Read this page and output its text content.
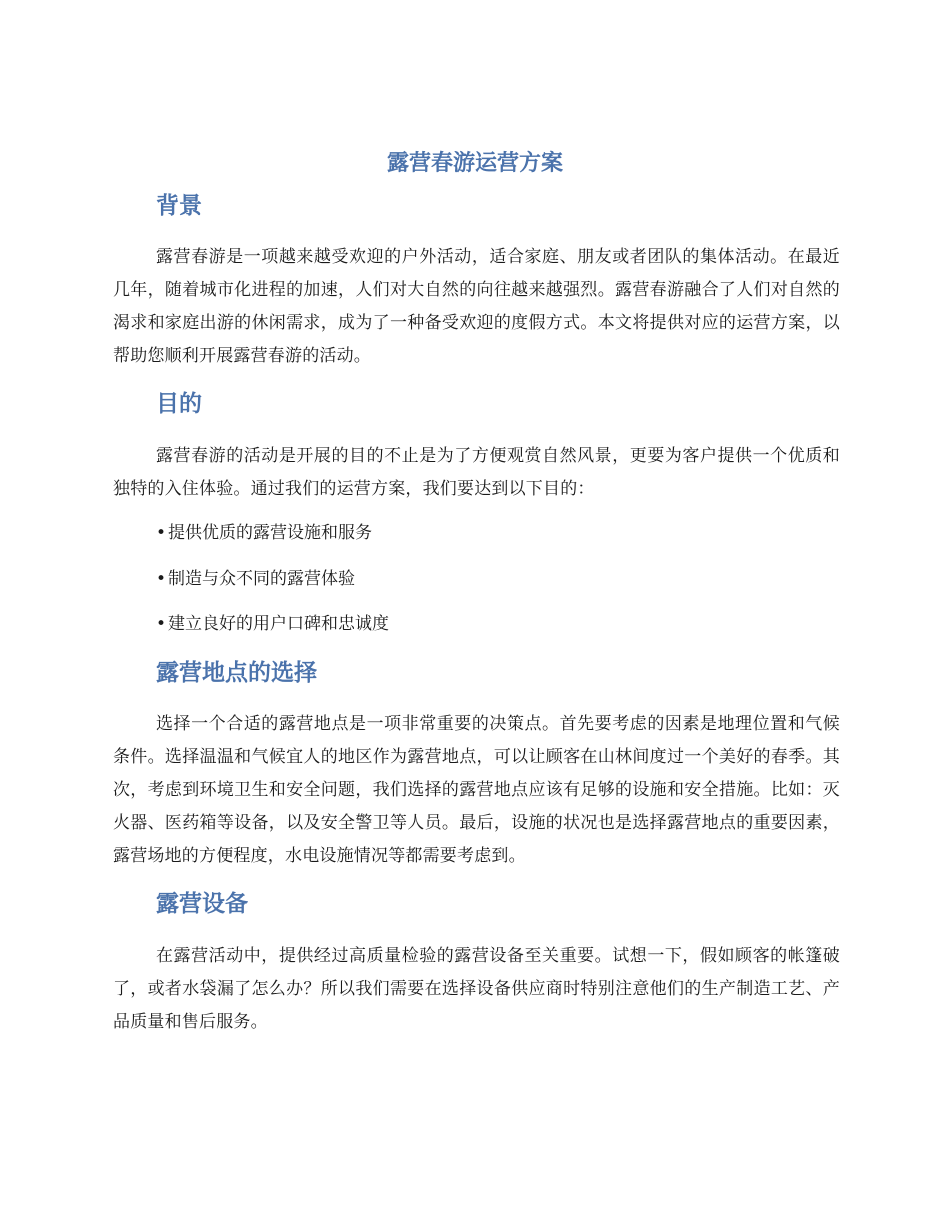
露营春游运营方案
背景

露营春游是一项越来越受欢迎的户外活动，适合家庭、朋友或者团队的集体活动。在最近几年，随着城市化进程的加速，人们对大自然的向往越来越强烈。露营春游融合了人们对自然的渴求和家庭出游的休闲需求，成为了一种备受欢迎的度假方式。本文将提供对应的运营方案，以帮助您顺利开展露营春游的活动。

目的

露营春游的活动是开展的目的不止是为了方便观赏自然风景，更要为客户提供一个优质和独特的入住体验。通过我们的运营方案，我们要达到以下目的：

• 提供优质的露营设施和服务
• 制造与众不同的露营体验
• 建立良好的用户口碑和忠诚度
露营地点的选择

选择一个合适的露营地点是一项非常重要的决策点。首先要考虑的因素是地理位置和气候条件。选择温温和气候宜人的地区作为露营地点，可以让顾客在山林间度过一个美好的春季。其次，考虑到环境卫生和安全问题，我们选择的露营地点应该有足够的设施和安全措施。比如：灭火器、医药箱等设备，以及安全警卫等人员。最后，设施的状况也是选择露营地点的重要因素，露营场地的方便程度，水电设施情况等都需要考虑到。

露营设备

在露营活动中，提供经过高质量检验的露营设备至关重要。试想一下，假如顾客的帐篷破了，或者水袋漏了怎么办？所以我们需要在选择设备供应商时特别注意他们的生产制造工艺、产品质量和售后服务。
